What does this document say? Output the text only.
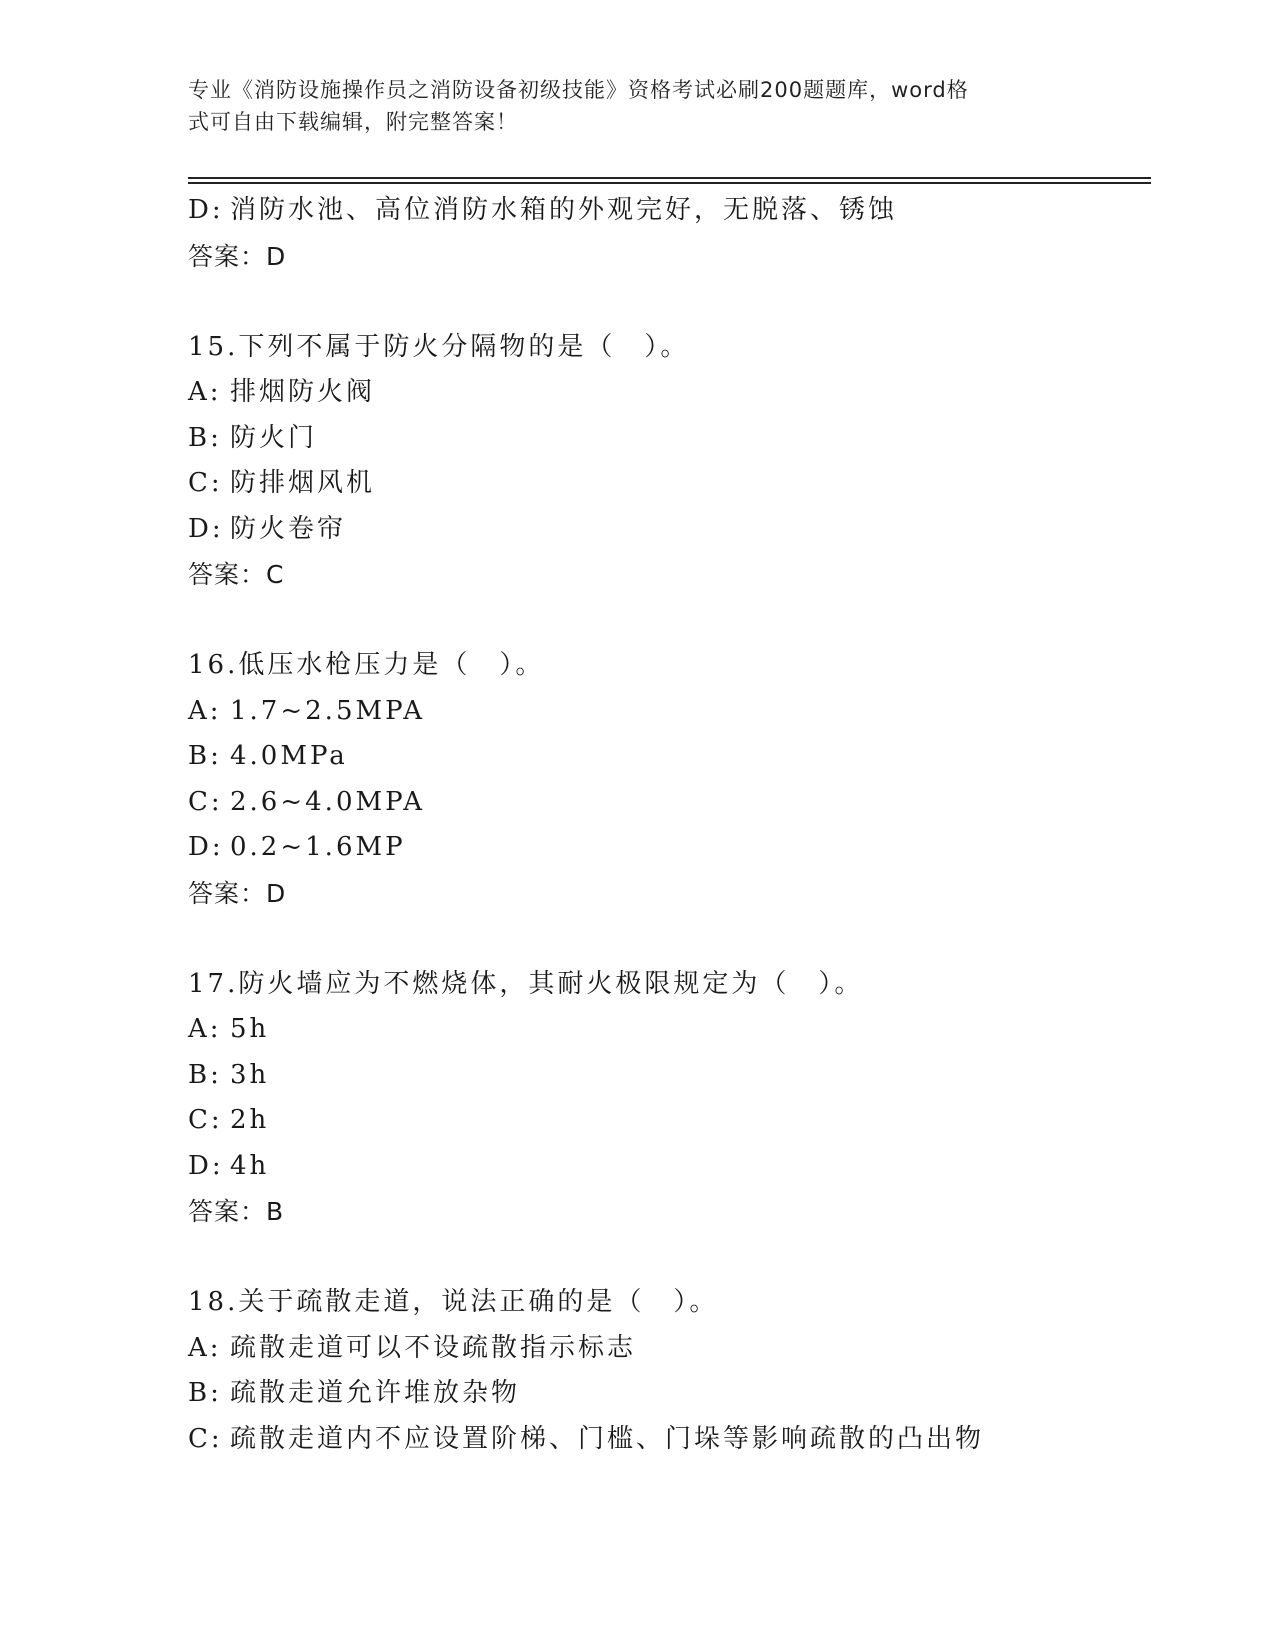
专业《消防设施操作员之消防设备初级技能》资格考试必刷200题题库，word格
式可自由下载编辑，附完整答案！
D: 消防水池、高位消防水箱的外观完好，无脱落、锈蚀
答案：D
15.下列不属于防火分隔物的是（　）。
A: 排烟防火阀
B: 防火门
C: 防排烟风机
D: 防火卷帘
答案：C
16.低压水枪压力是（　）。
A: 1.7~2.5MPA
B: 4.0MPa
C: 2.6~4.0MPA
D: 0.2~1.6MP
答案：D
17.防火墙应为不燃烧体，其耐火极限规定为（　）。
A: 5h
B: 3h
C: 2h
D: 4h
答案：B
18.关于疏散走道，说法正确的是（　）。
A: 疏散走道可以不设疏散指示标志
B: 疏散走道允许堆放杂物
C: 疏散走道内不应设置阶梯、门槛、门垛等影响疏散的凸出物
